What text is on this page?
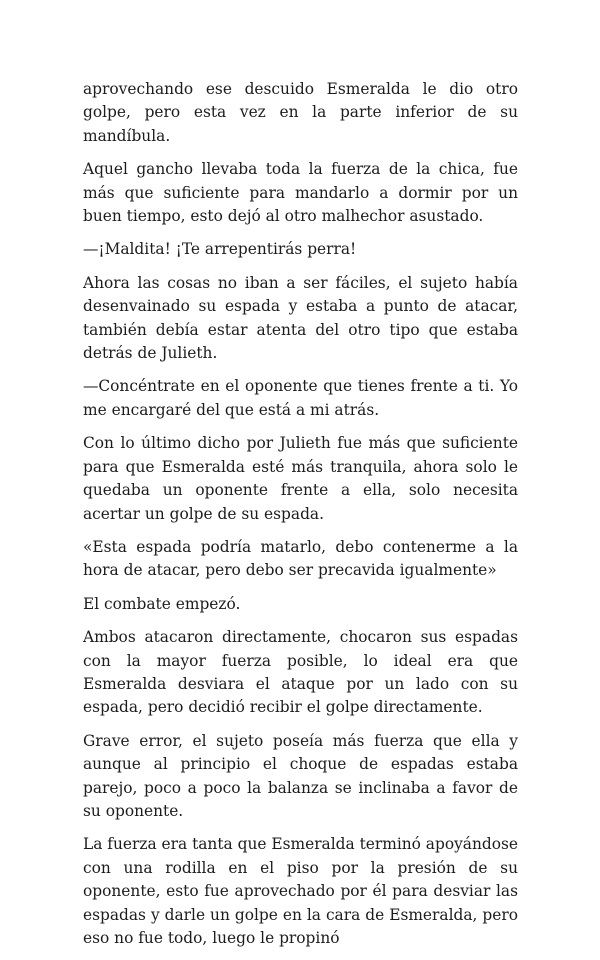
aprovechando ese descuido Esmeralda le dio otro golpe, pero esta vez en la parte inferior de su mandíbula.

Aquel gancho llevaba toda la fuerza de la chica, fue más que suficiente para mandarlo a dormir por un buen tiempo, esto dejó al otro malhechor asustado.

—¡Maldita! ¡Te arrepentirás perra!

Ahora las cosas no iban a ser fáciles, el sujeto había desenvainado su espada y estaba a punto de atacar, también debía estar atenta del otro tipo que estaba detrás de Julieth.

—Concéntrate en el oponente que tienes frente a ti. Yo me encargaré del que está a mi atrás.

Con lo último dicho por Julieth fue más que suficiente para que Esmeralda esté más tranquila, ahora solo le quedaba un oponente frente a ella, solo necesita acertar un golpe de su espada.

«Esta espada podría matarlo, debo contenerme a la hora de atacar, pero debo ser precavida igualmente»

El combate empezó.

Ambos atacaron directamente, chocaron sus espadas con la mayor fuerza posible, lo ideal era que Esmeralda desviara el ataque por un lado con su espada, pero decidió recibir el golpe directamente.

Grave error, el sujeto poseía más fuerza que ella y aunque al principio el choque de espadas estaba parejo, poco a poco la balanza se inclinaba a favor de su oponente.

La fuerza era tanta que Esmeralda terminó apoyándose con una rodilla en el piso por la presión de su oponente, esto fue aprovechado por él para desviar las espadas y darle un golpe en la cara de Esmeralda, pero eso no fue todo, luego le propinó
